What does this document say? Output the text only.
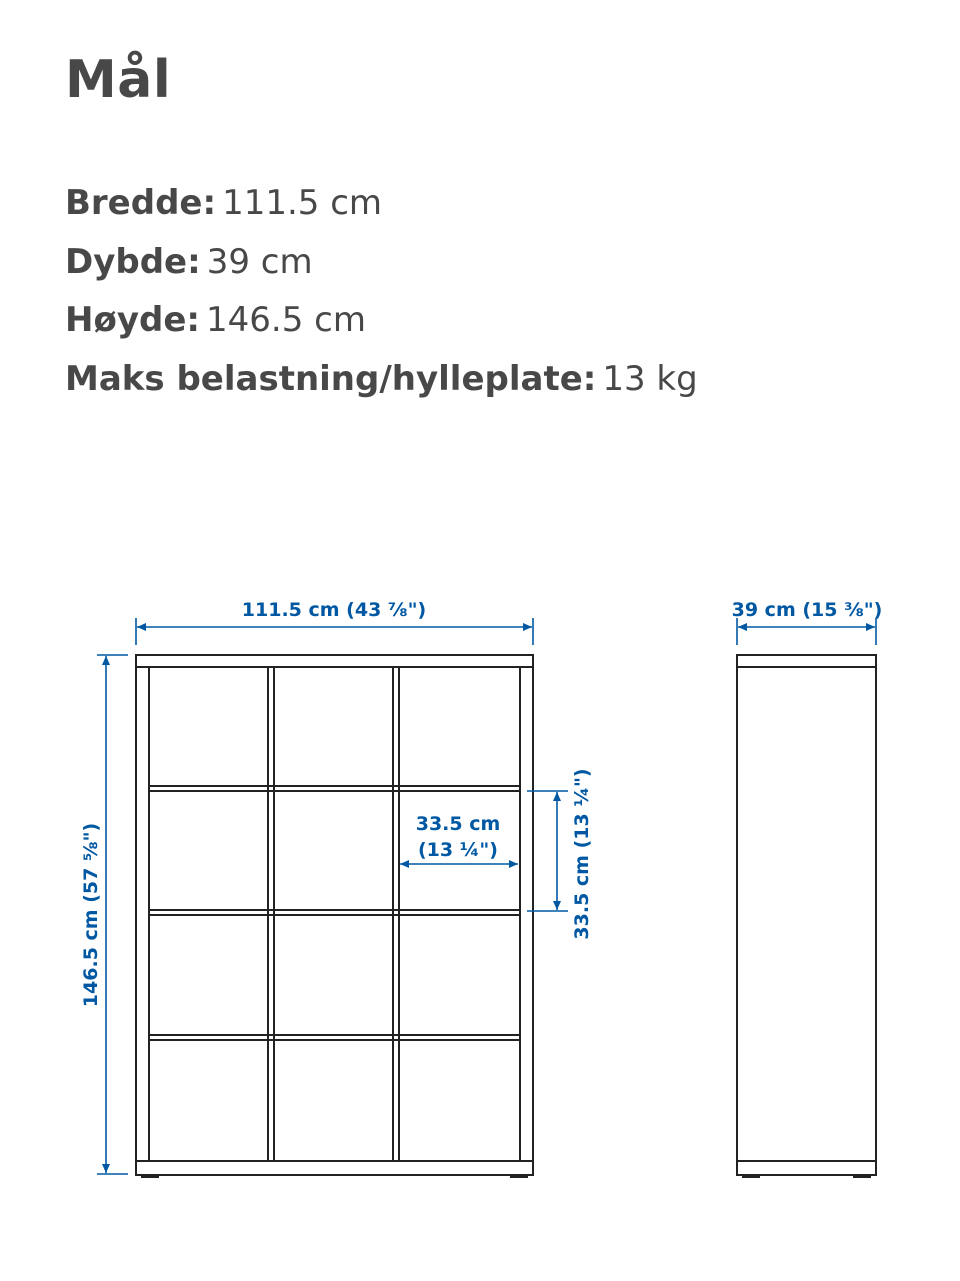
Mål
Bredde: 111.5 cm
Dybde: 39 cm
Høyde: 146.5 cm
Maks belastning/hylleplate: 13 kg
111.5 cm (43 ⅞")
146.5 cm (57 ⅝")	33.5 cm
(13 ¼")	33.5 cm (13 ¼")
39 cm (15 ⅜")
